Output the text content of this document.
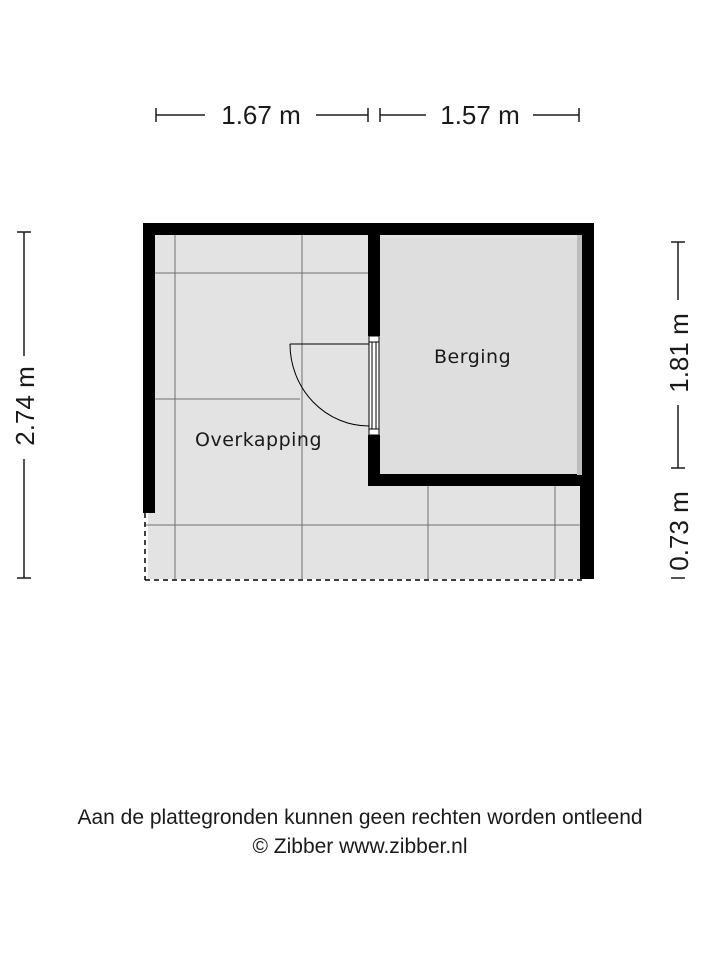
Overkapping
Berging
1.67 m	1.57 m
2.74 m
1.81 m
0.73 m
Aan de plattegronden kunnen geen rechten worden ontleend
© Zibber www.zibber.nl
